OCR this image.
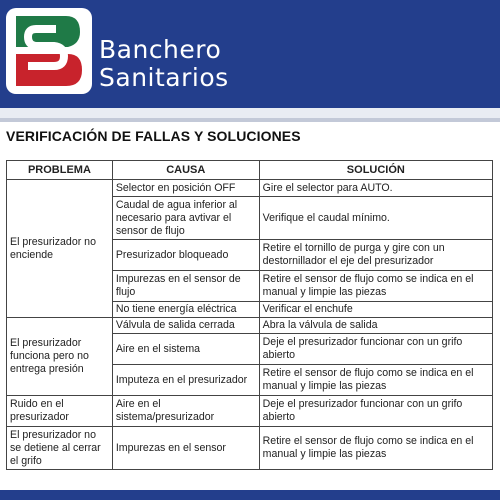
Banchero
Sanitarios
VERIFICACIÓN DE FALLAS Y SOLUCIONES
PROBLEMA	CAUSA	SOLUCIÓN
El presurizador no enciende	Selector en posición OFF	Gire el selector para AUTO.
	Caudal de agua inferior al necesario para avtivar el sensor de flujo	Verifique el caudal mínimo.
	Presurizador bloqueado	Retire el tornillo de purga y gire con un destornillador el eje del presurizador
	Impurezas en el sensor de flujo	Retire el sensor de flujo como se indica en el manual y limpie las piezas
	No tiene energía eléctrica	Verificar el enchufe
El presurizador funciona pero no entrega presión	Válvula de salida cerrada	Abra la válvula de salida
	Aire en el sistema	Deje el presurizador funcionar con un grifo abierto
	Imputeza en el presurizador	Retire el sensor de flujo como se indica en el manual y limpie las piezas
Ruido en el presurizador	Aire en el sistema/presurizador	Deje el presurizador funcionar con un grifo abierto
El presurizador no se detiene al cerrar el grifo	Impurezas en el sensor	Retire el sensor de flujo como se indica en el manual y limpie las piezas
